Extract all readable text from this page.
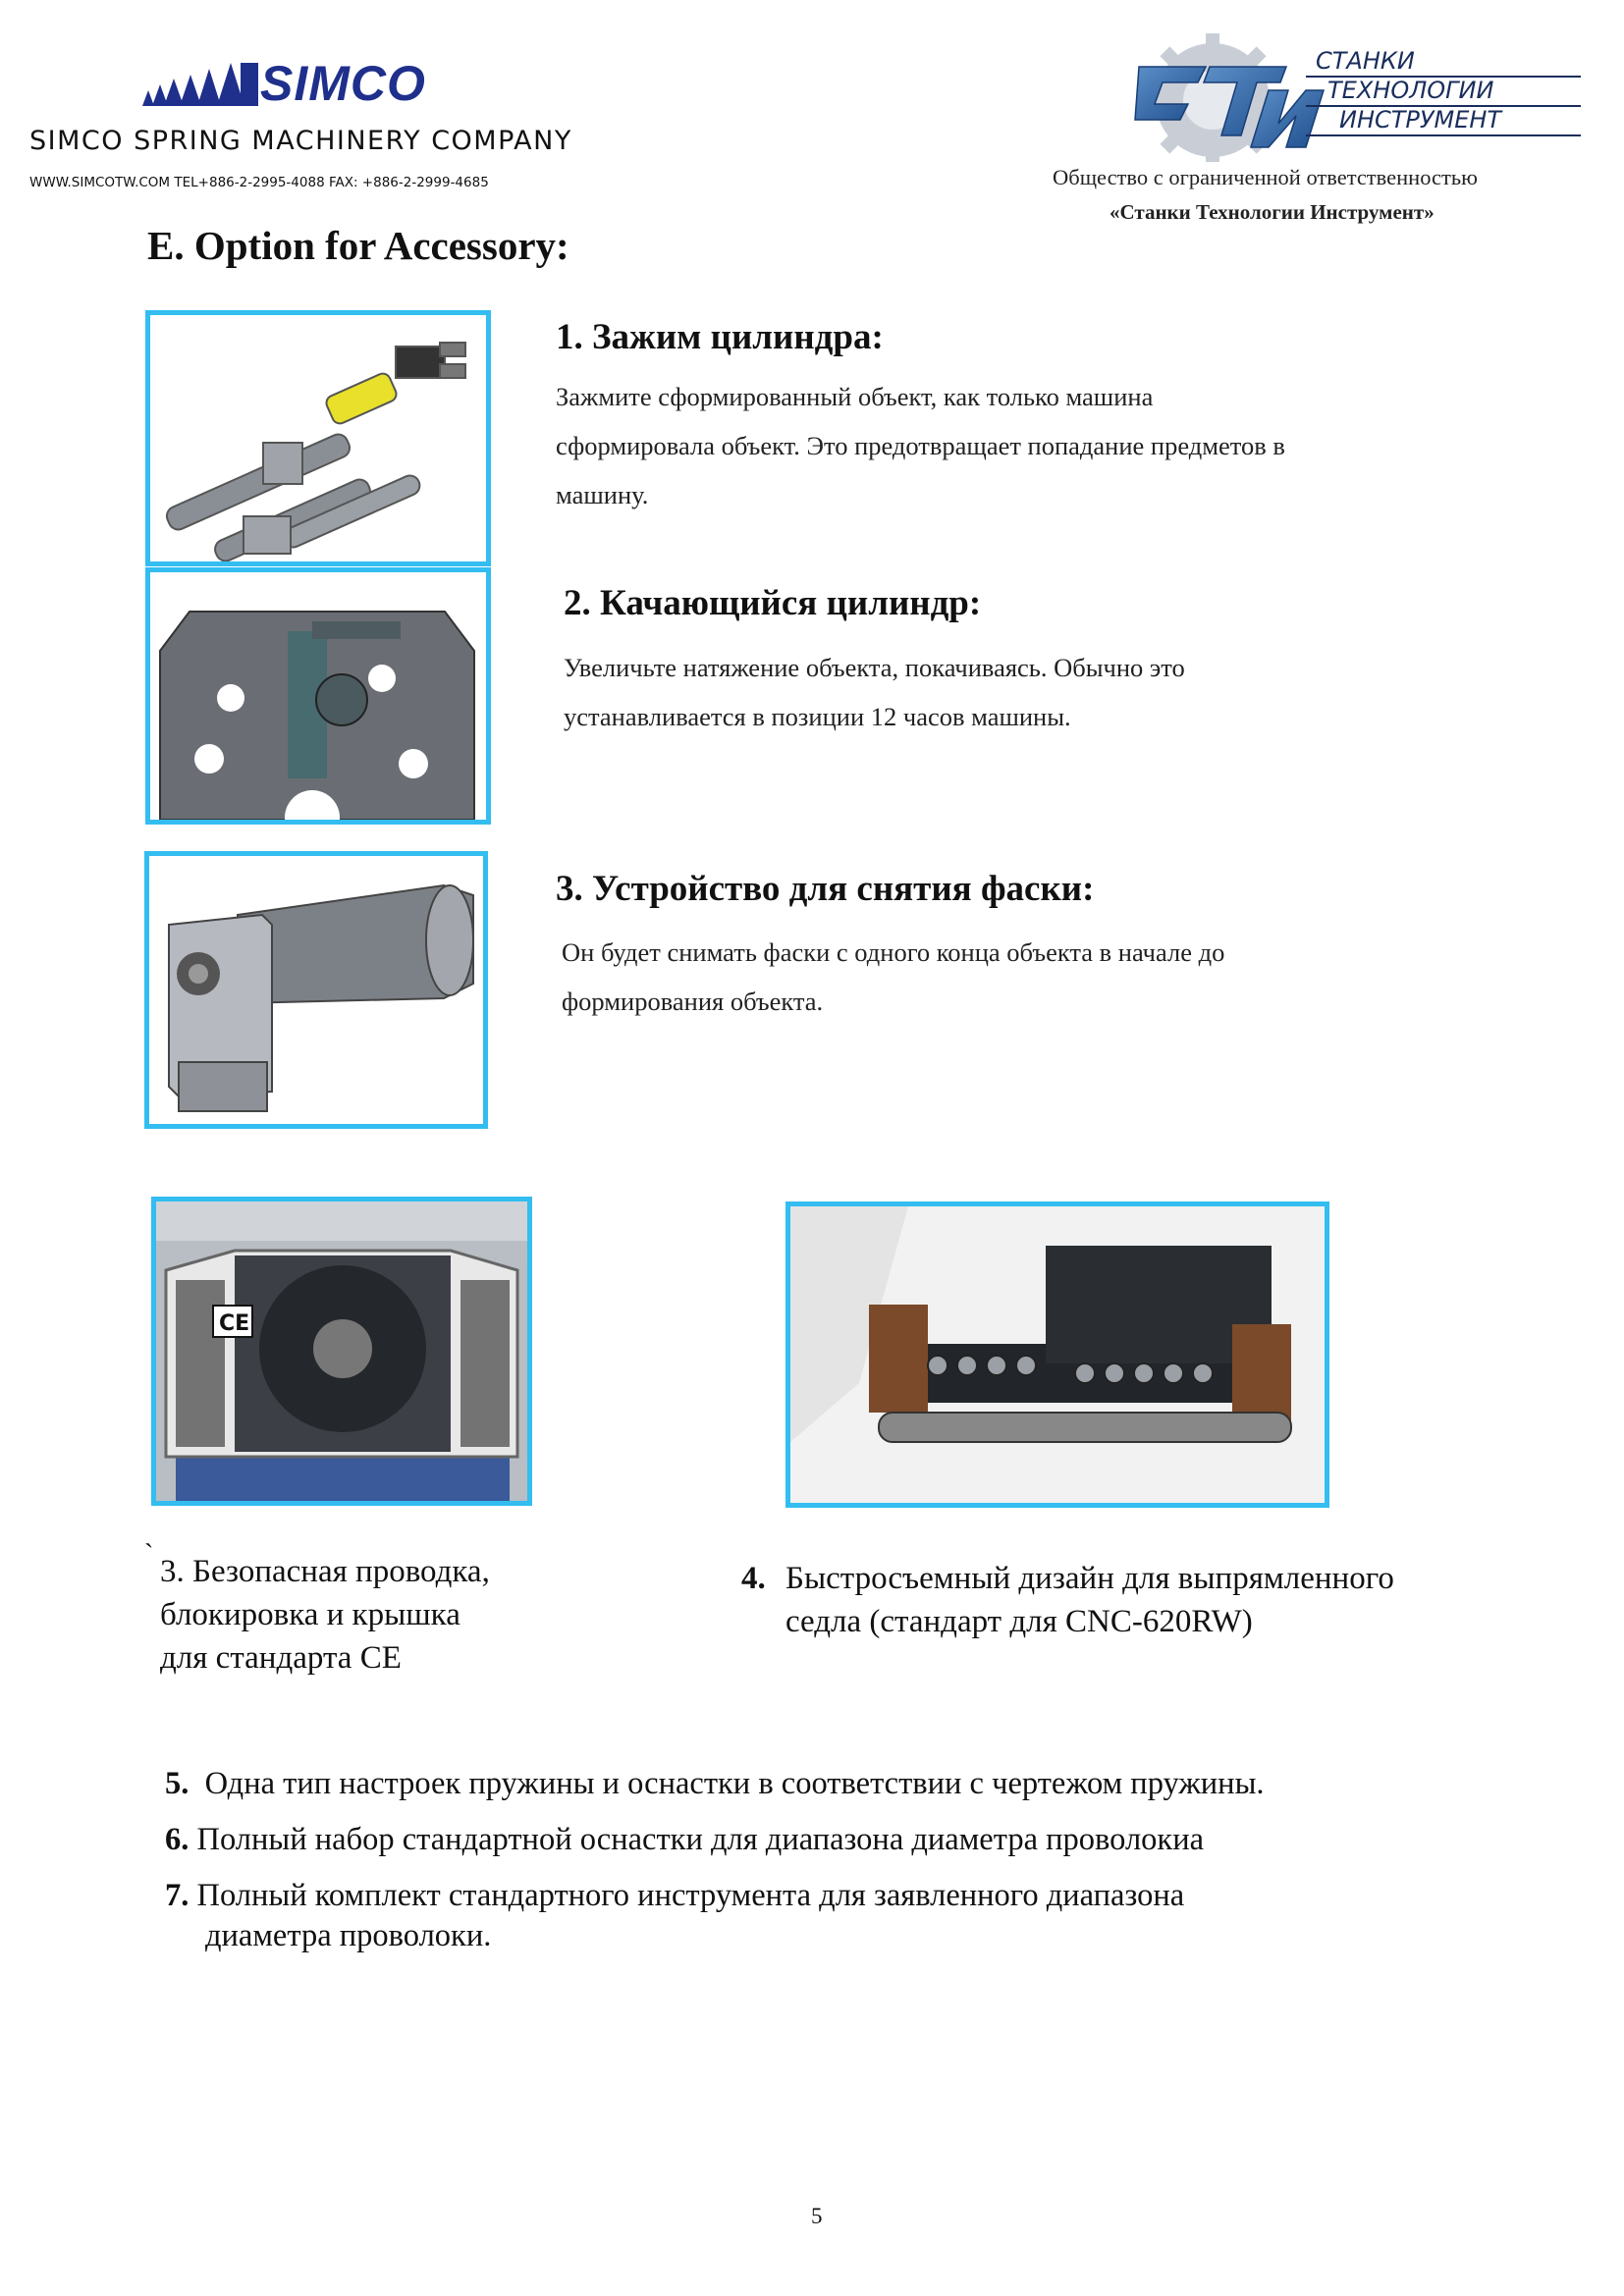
SIMCO
SIMCO SPRING MACHINERY COMPANY
WWW.SIMCOTW.COM TEL+886-2-2995-4088 FAX: +886-2-2999-4685
СТАНКИ
ТЕХНОЛОГИИ
ИНСТРУМЕНТ
Общество с ограниченной ответственностью
«Станки Технологии Инструмент»
E. Option for Accessory:
1. Зажим цилиндра:
Зажмите сформированный объект, как только машина
сформировала объект. Это предотвращает попадание предметов в
машину.
2. Качающийся цилиндр:
Увеличьте натяжение объекта, покачиваясь. Обычно это
устанавливается в позиции 12 часов машины.
3. Устройство для снятия фаски:
Он будет снимать фаски с одного конца объекта в начале до
формирования объекта.
CE
` 3. Безопасная проводка,
блокировка и крышка
для стандарта CE
4. Быстросъемный дизайн для выпрямленного
седла (стандарт для CNC-620RW)
5.  Одна тип настроек пружины и оснастки в соответствии с чертежом пружины.
6. Полный набор стандартной оснастки для диапазона диаметра проволокиа
7. Полный комплект стандартного инструмента для заявленного диапазона
диаметра проволоки.
5
